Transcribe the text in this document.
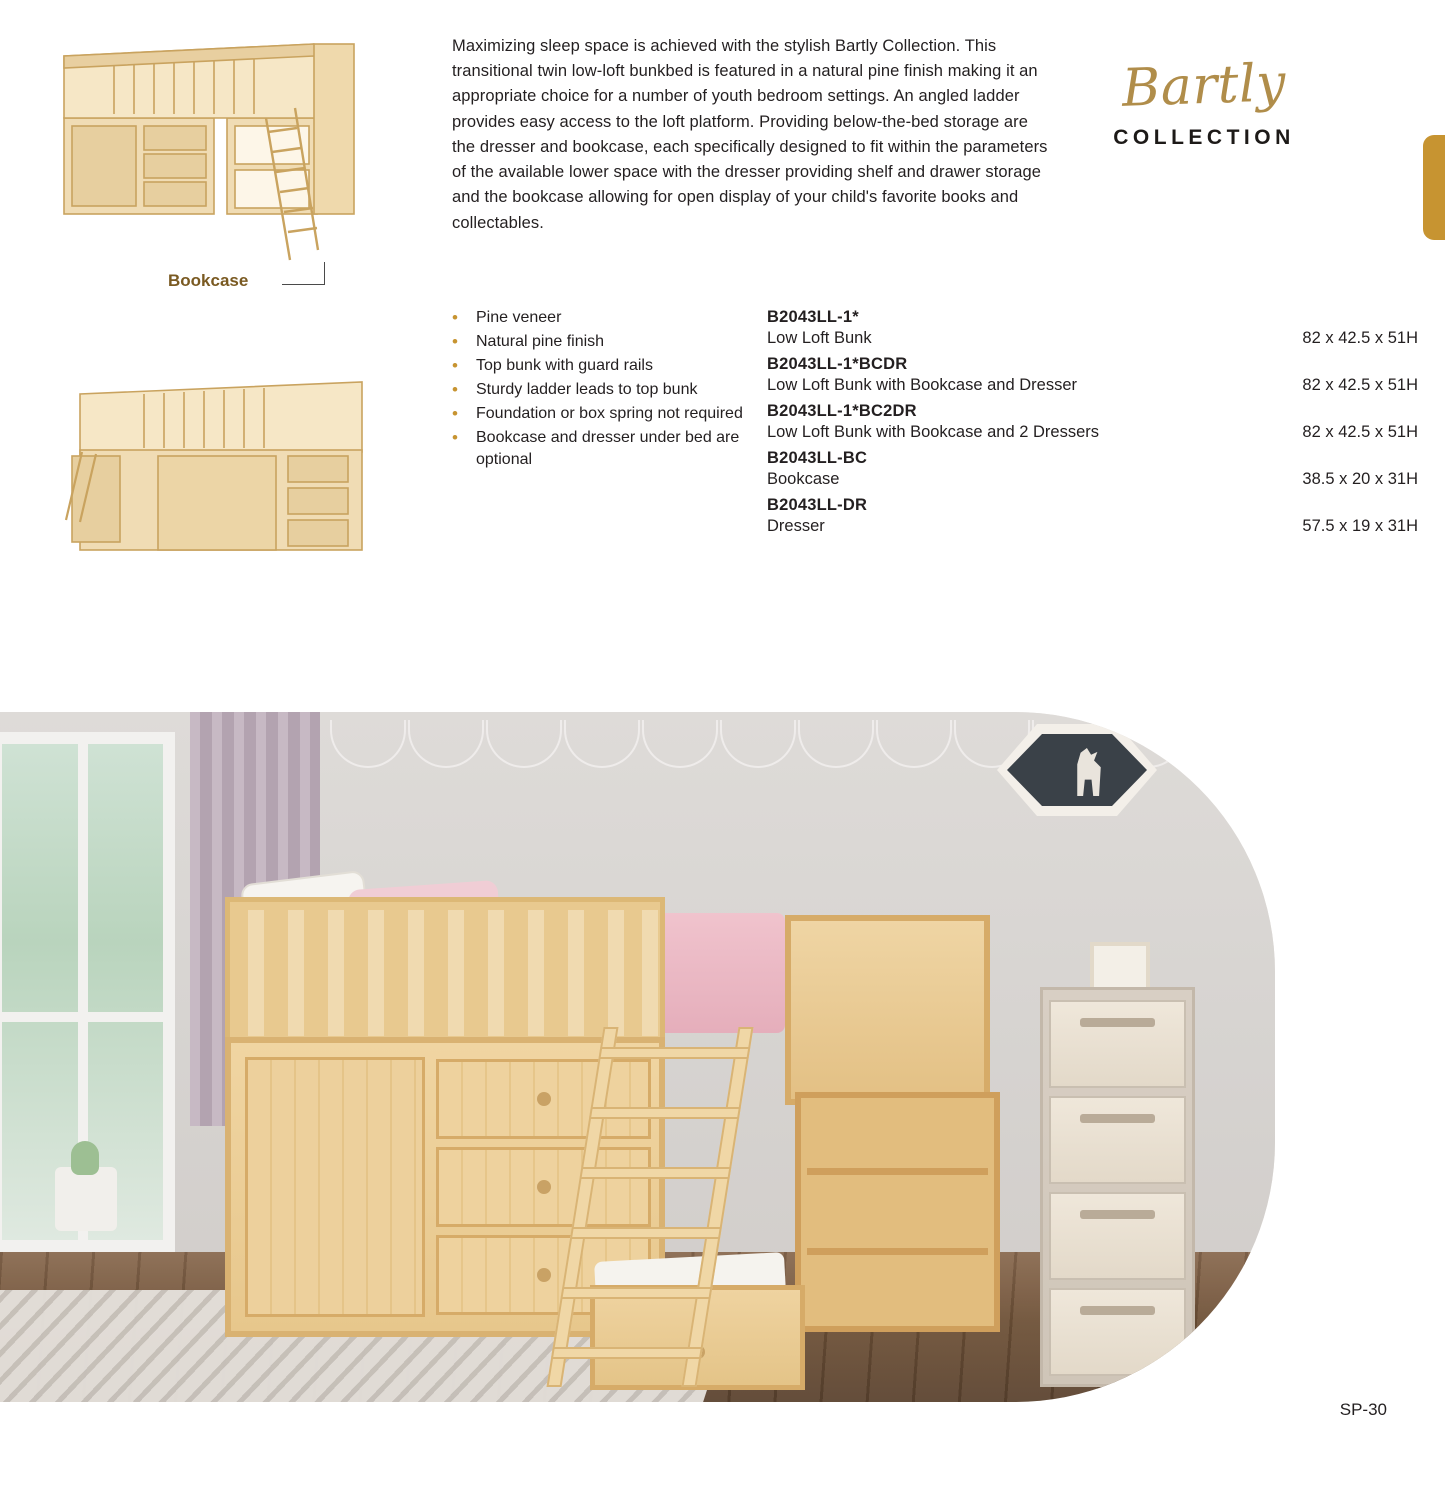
Bookcase
Maximizing sleep space is achieved with the stylish Bartly Collection. This transitional twin low-loft bunkbed is featured in a natural pine finish making it an appropriate choice for a number of youth bedroom settings. An angled ladder provides easy access to the loft platform. Providing below-the-bed storage are the dresser and bookcase, each specifically designed to fit within the parameters of the available lower space with the dresser providing shelf and drawer storage and the bookcase allowing for open display of your child's favorite books and collectables.
Bartly
COLLECTION
•	Pine veneer
•	Natural pine finish
•	Top bunk with guard rails
•	Sturdy ladder leads to top bunk
•	Foundation or box spring not required
•	Bookcase and dresser under bed are optional
B2043LL-1*
Low Loft Bunk	82 x 42.5 x 51H
B2043LL-1*BCDR
Low Loft Bunk with Bookcase and Dresser	82 x 42.5 x 51H
B2043LL-1*BC2DR
Low Loft Bunk with Bookcase and 2 Dressers	82 x 42.5 x 51H
B2043LL-BC
Bookcase	38.5 x 20 x 31H
B2043LL-DR
Dresser	57.5 x 19 x 31H
SP-30
